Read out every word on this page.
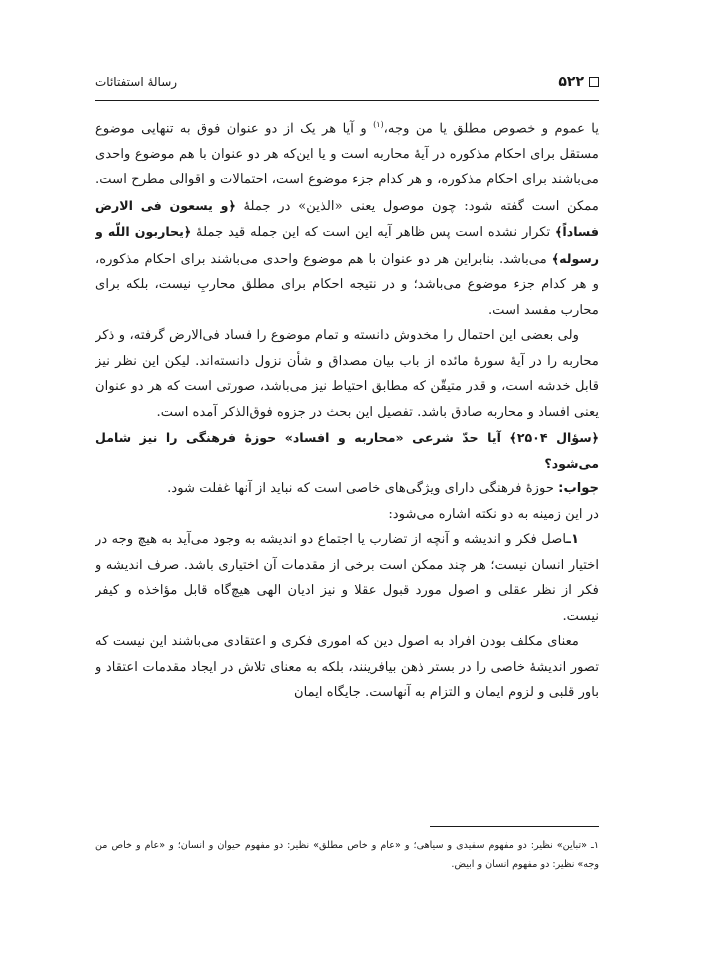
۵۲۲
رسالهٔ استفتائات

یا عموم و خصوص مطلق یا من وجه،$^{(۱)}$ و آیا هر یک از دو عنوان فوق به تنهایی موضوع مستقل برای احکام مذکوره در آیهٔ محاربه است و یا این‌که هر دو عنوان با هم موضوع واحدی می‌باشند برای احکام مذکوره، و هر کدام جزء موضوع است، احتمالات و اقوالی مطرح است. ممکن است گفته شود: چون موصول یعنی «الذین» در جملهٔ ﴿و یسعون فی الارض فساداً﴾ تکرار نشده است پس ظاهر آیه این است که این جمله قید جملهٔ ﴿یحاربون اللّه و رسوله﴾ می‌باشد. بنابراین هر دو عنوان با هم موضوع واحدی می‌باشند برای احکام مذکوره، و هر کدام جزء موضوع می‌باشد؛ و در نتیجه احکام برای مطلق محاربِ نیست، بلکه برای محارب مفسد است.

ولی بعضی این احتمال را مخدوش دانسته و تمام موضوع را فساد فی‌الارض گرفته، و ذکر محاربه را در آیهٔ سورهٔ مائده از باب بیان مصداق و شأن نزول دانسته‌اند. لیکن این نظر نیز قابل خدشه است، و قدر متیقّن که مطابق احتیاط نیز می‌باشد، صورتی است که هر دو عنوان یعنی افساد و محاربه صادق باشد. تفصیل این بحث در جزوه فوق‌الذکر آمده است.

﴿سؤال ۲۵۰۴﴾ آیا حدّ شرعی «محاربه و افساد» حوزهٔ فرهنگی را نیز شامل می‌شود؟

جواب: حوزهٔ فرهنگی دارای ویژگی‌های خاصی است که نباید از آنها غفلت شود.

در این زمینه به دو نکته اشاره می‌شود:

۱ـاصل فکر و اندیشه و آنچه از تضارب یا اجتماع دو اندیشه به وجود می‌آید به هیچ وجه در اختیار انسان نیست؛ هر چند ممکن است برخی از مقدمات آن اختیاری باشد. صرف اندیشه و فکر از نظر عقلی و اصول مورد قبول عقلا و نیز ادیان الهی هیچ‌گاه قابل مؤاخذه و کیفر نیست.

معنای مکلف بودن افراد به اصول دین که اموری فکری و اعتقادی می‌باشند این نیست که تصور اندیشهٔ خاصی را در بستر ذهن بیافرینند، بلکه به معنای تلاش در ایجاد مقدمات اعتقاد و باور قلبی و لزوم ایمان و التزام به آنهاست. جایگاه ایمان

۱ـ «تباین» نظیر: دو مفهوم سفیدی و سیاهی؛ و «عام و خاص مطلق» نظیر: دو مفهوم حیوان و انسان؛ و «عام و خاص من وجه» نظیر: دو مفهوم انسان و ابیض.
